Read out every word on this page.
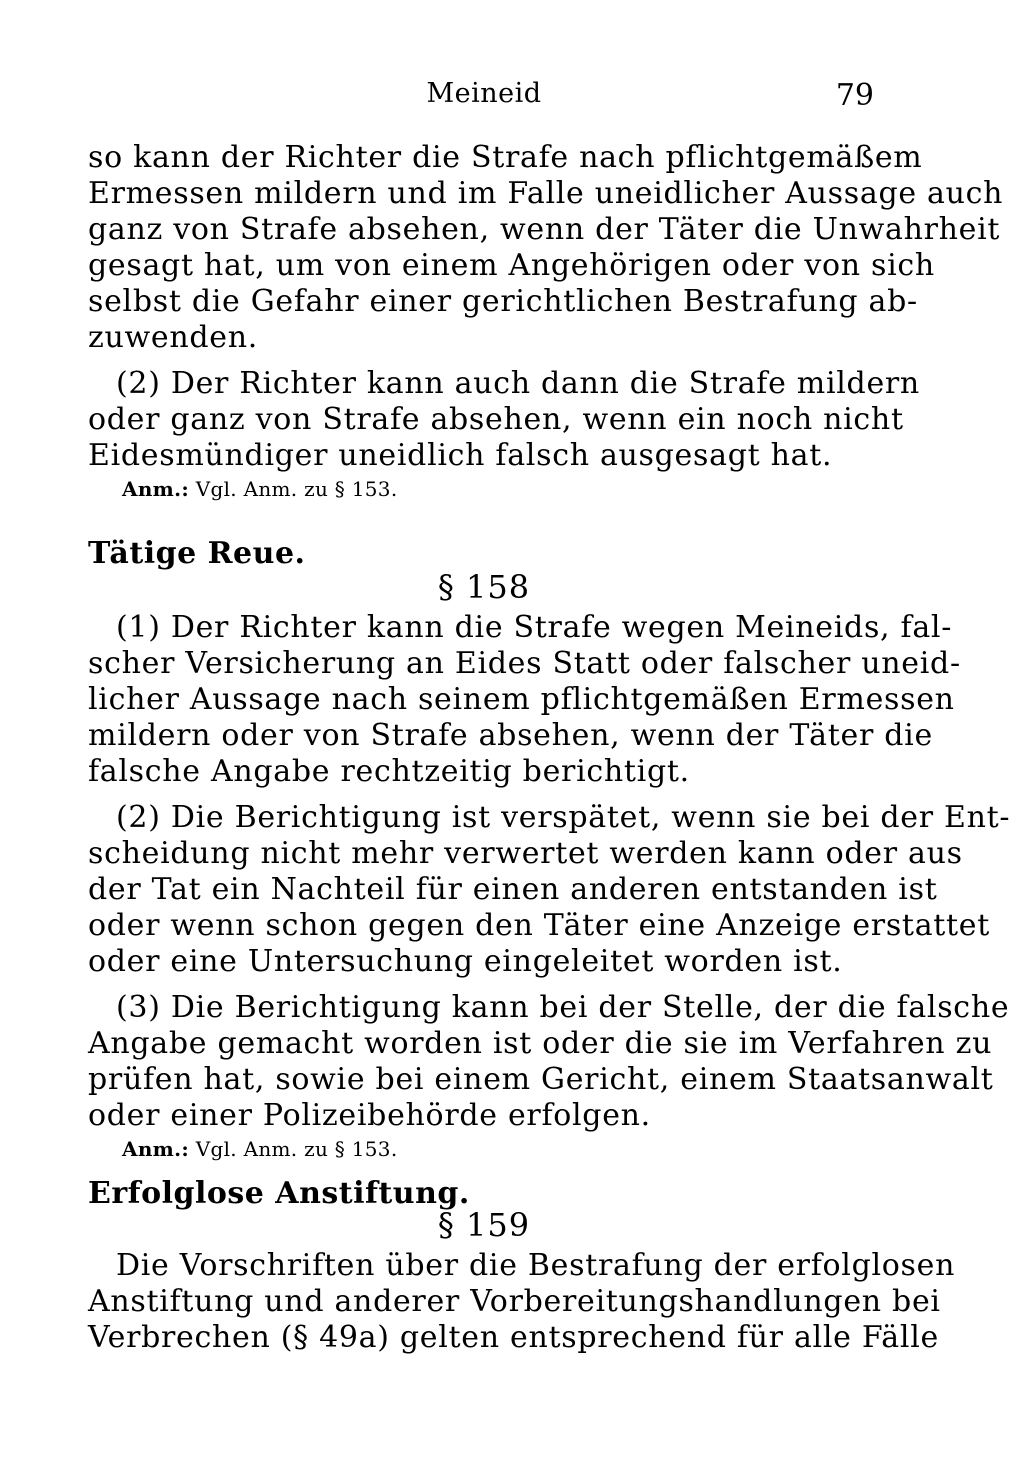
Meineid	79
so kann der Richter die Strafe nach pflichtgemäßem
Ermessen mildern und im Falle uneidlicher Aussage auch
ganz von Strafe absehen, wenn der Täter die Unwahrheit
gesagt hat, um von einem Angehörigen oder von sich
selbst die Gefahr einer gerichtlichen Bestrafung ab-
zuwenden.
(2) Der Richter kann auch dann die Strafe mildern
oder ganz von Strafe absehen, wenn ein noch nicht
Eidesmündiger uneidlich falsch ausgesagt hat.
Anm.: Vgl. Anm. zu § 153.
Tätige Reue.
§ 158
(1) Der Richter kann die Strafe wegen Meineids, fal-
scher Versicherung an Eides Statt oder falscher uneid-
licher Aussage nach seinem pflichtgemäßen Ermessen
mildern oder von Strafe absehen, wenn der Täter die
falsche Angabe rechtzeitig berichtigt.
(2) Die Berichtigung ist verspätet, wenn sie bei der Ent-
scheidung nicht mehr verwertet werden kann oder aus
der Tat ein Nachteil für einen anderen entstanden ist
oder wenn schon gegen den Täter eine Anzeige erstattet
oder eine Untersuchung eingeleitet worden ist.
(3) Die Berichtigung kann bei der Stelle, der die falsche
Angabe gemacht worden ist oder die sie im Verfahren zu
prüfen hat, sowie bei einem Gericht, einem Staatsanwalt
oder einer Polizeibehörde erfolgen.
Anm.: Vgl. Anm. zu § 153.
Erfolglose Anstiftung.
§ 159
Die Vorschriften über die Bestrafung der erfolglosen
Anstiftung und anderer Vorbereitungshandlungen bei
Verbrechen (§ 49a) gelten entsprechend für alle Fälle
